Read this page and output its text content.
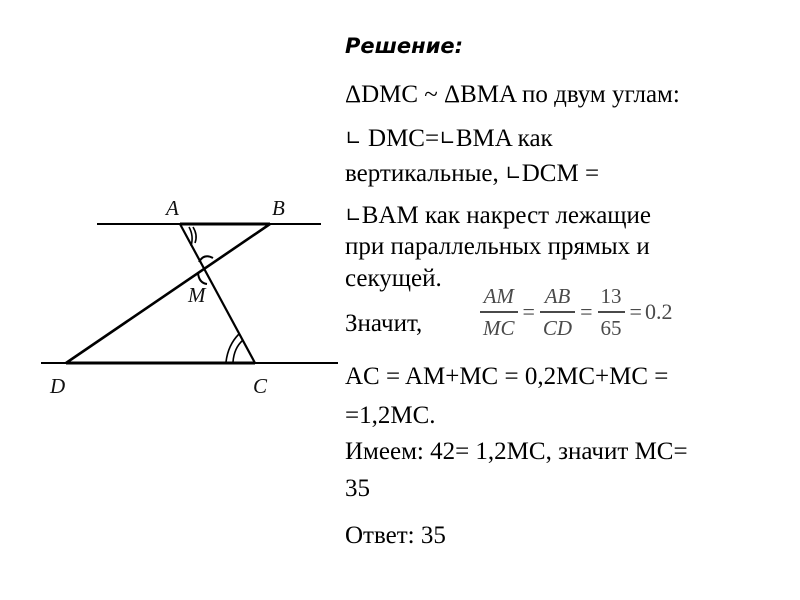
A	B
M
D	C
Решение:
ΔDMC ~ ΔBMA по двум углам:
∟ DMC=∟BMA как
вертикальные, ∟DCM =
∟BAM как накрест лежащие
при параллельных прямых и
секущей.
Значит,
AC = AM+MC = 0,2MC+MC =
=1,2MC.
Имеем: 42= 1,2MC, значит MC=
35
Ответ: 35
$\frac{AM}{MC} = \frac{AB}{CD} = \frac{13}{65} = 0.2$
